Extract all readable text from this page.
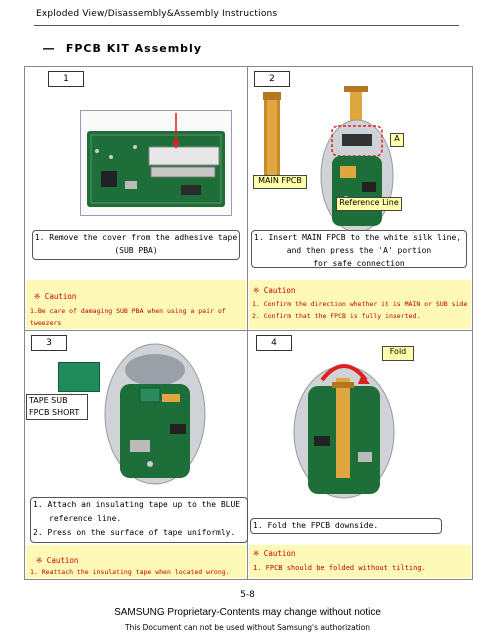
Exploded View/Disassembly&Assembly Instructions
― FPCB KIT Assembly
1
1. Remove the cover from the adhesive tape
(SUB PBA)
※ Caution
1.Be care of damaging SUB PBA when using a pair of tweezers
2
A
MAIN FPCB
Reference Line
1. Insert MAIN FPCB to the white silk line,
and then press the 'A' portion
for safe connection
※ Caution
1. Confirm the direction whether it is MAIN or SUB side
2. Confirm that the FPCB is fully inserted.
3
TAPE SUB
FPCB SHORT
1. Attach an insulating tape up to the BLUE
reference line.
2. Press on the surface of tape uniformly.
※ Caution
1. Reattach the insulating tape when located wrong.
4
Fold
1. Fold the FPCB downside.
※ Caution
1. FPCB should be folded without tilting.
5-8
SAMSUNG Proprietary-Contents may change without notice
This Document can not be used without Samsung's authorization
